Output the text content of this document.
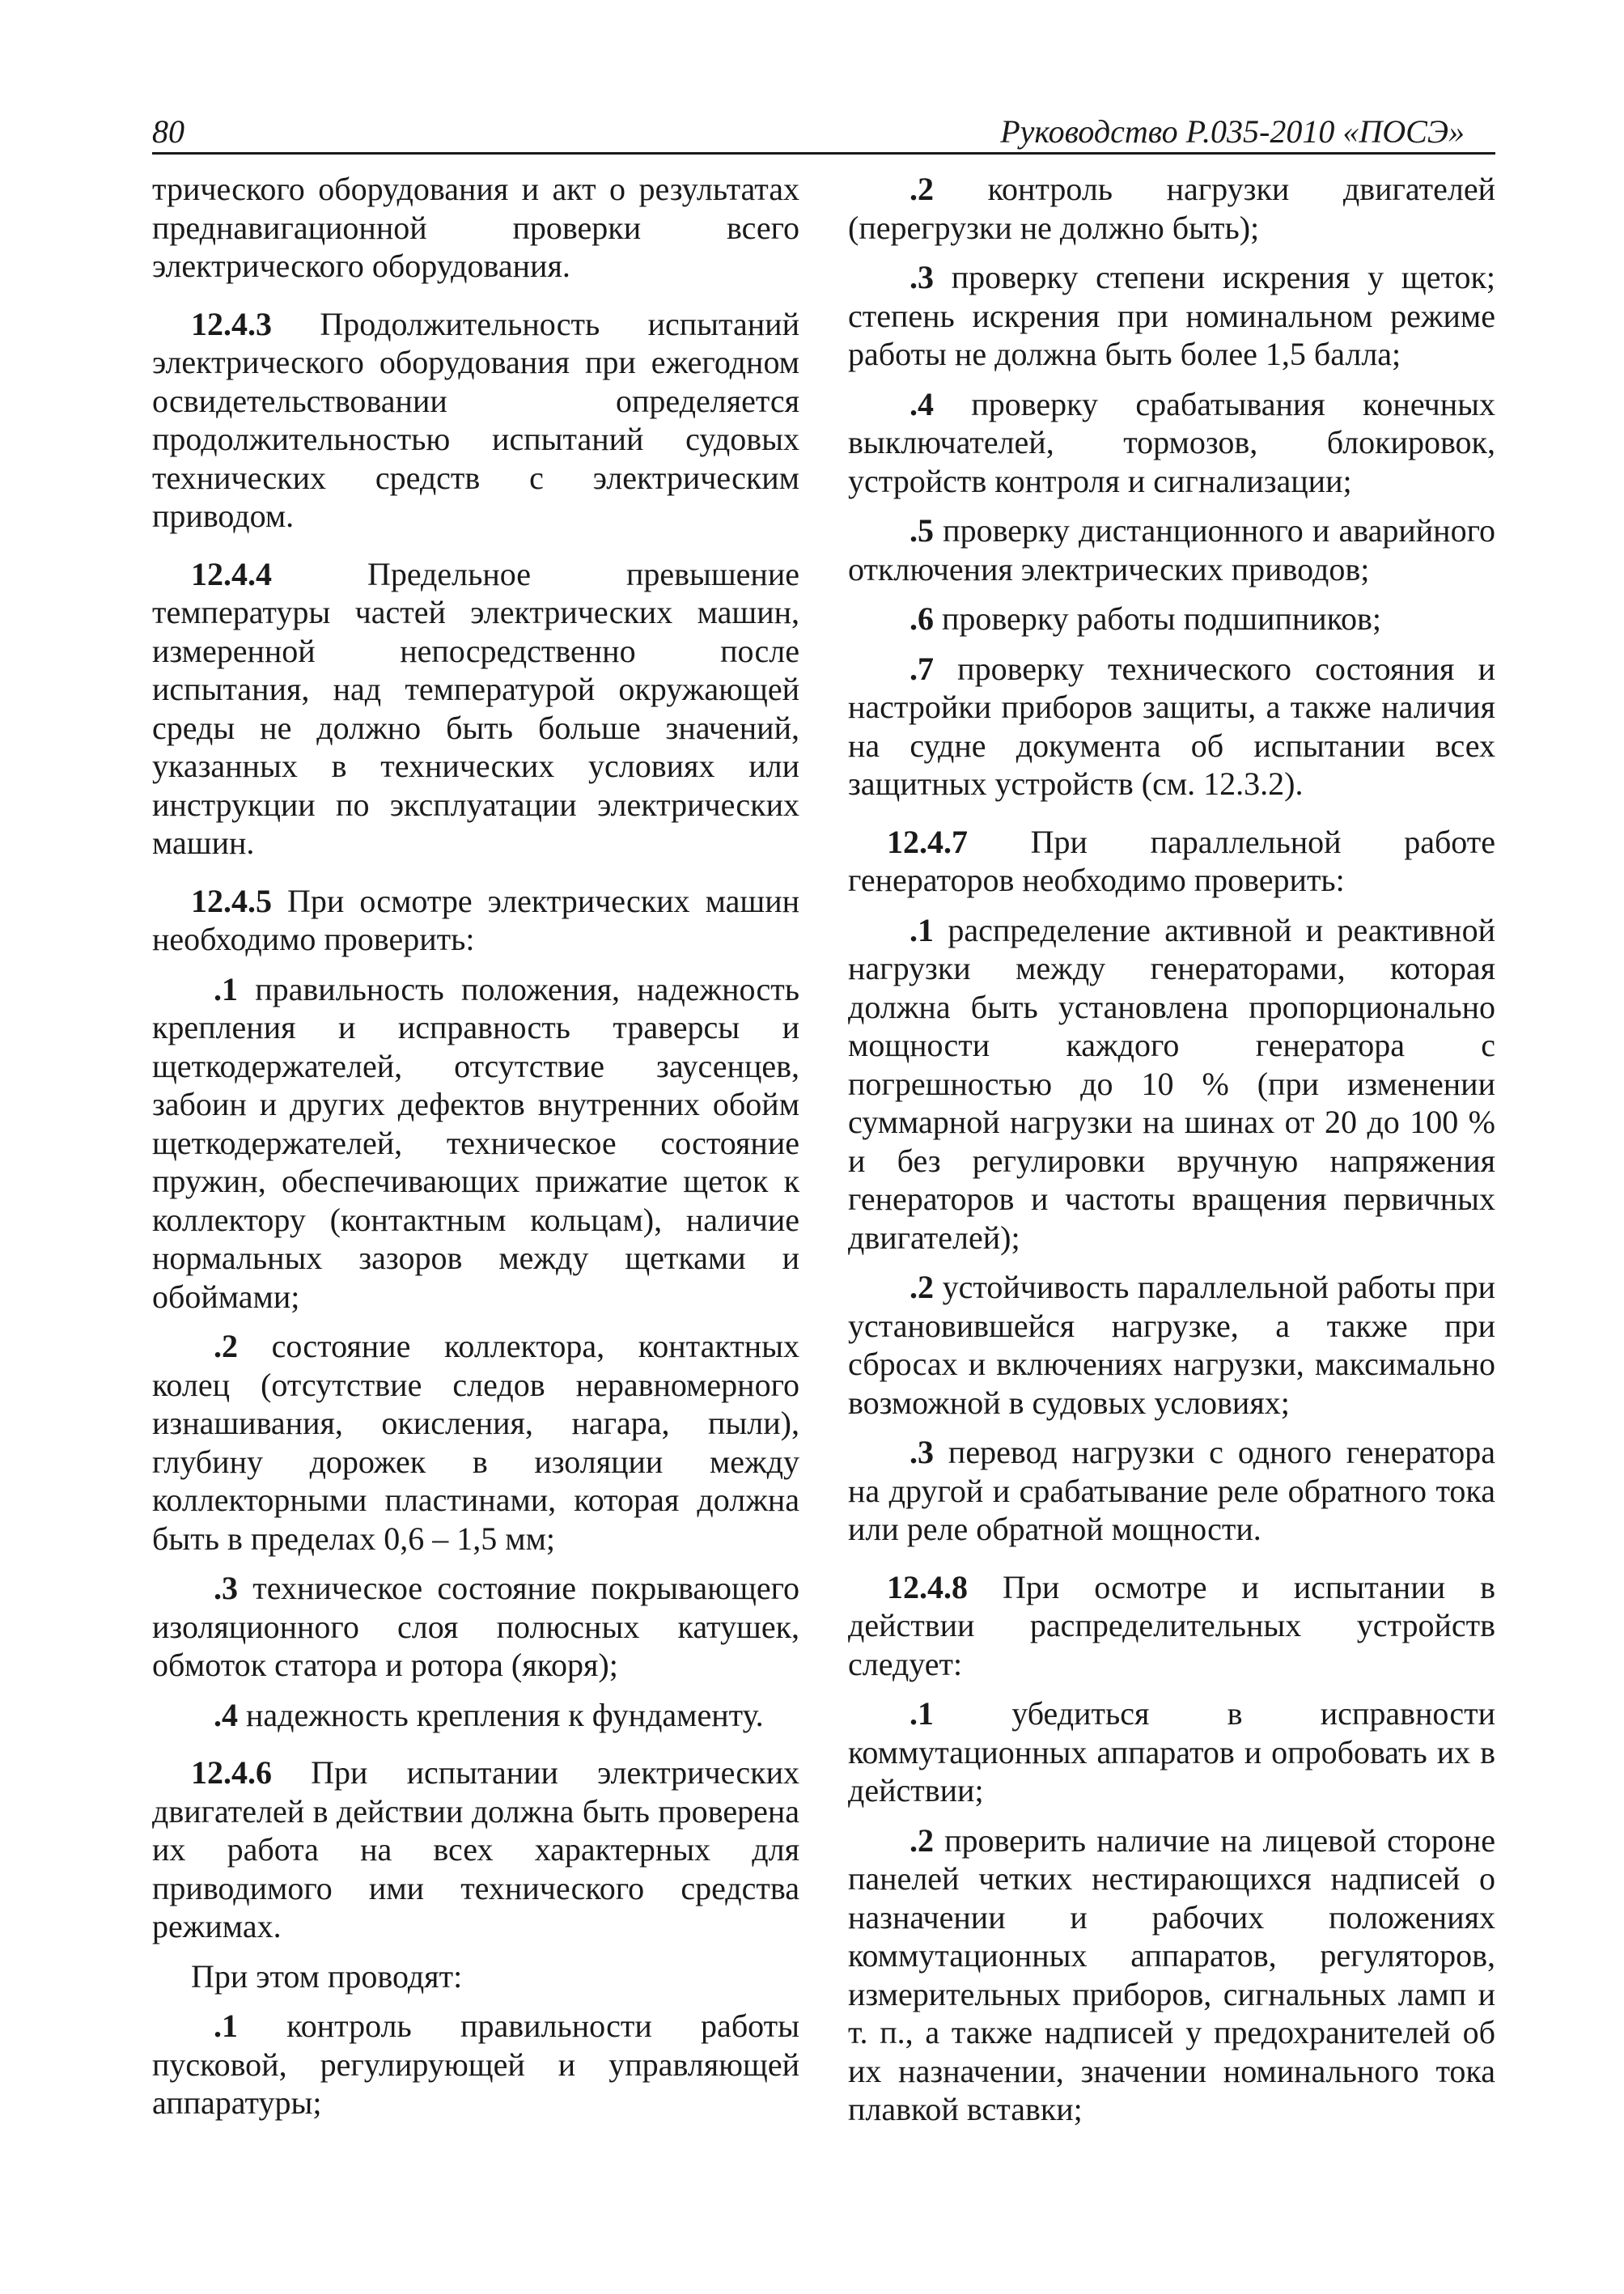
80	Руководство Р.035-2010 «ПОСЭ»

трического оборудования и акт о результатах преднавигационной проверки всего электрического оборудования.

12.4.3 Продолжительность испытаний электрического оборудования при ежегодном освидетельствовании определяется продолжительностью испытаний судовых технических средств с электрическим приводом.

12.4.4 Предельное превышение температуры частей электрических машин, измеренной непосредственно после испытания, над температурой окружающей среды не должно быть больше значений, указанных в технических условиях или инструкции по эксплуатации электрических машин.

12.4.5 При осмотре электрических машин необходимо проверить:

.1 правильность положения, надежность крепления и исправность траверсы и щеткодержателей, отсутствие заусенцев, забоин и других дефектов внутренних обойм щеткодержателей, техническое состояние пружин, обеспечивающих прижатие щеток к коллектору (контактным кольцам), наличие нормальных зазоров между щетками и обоймами;

.2 состояние коллектора, контактных колец (отсутствие следов неравномерного изнашивания, окисления, нагара, пыли), глубину дорожек в изоляции между коллекторными пластинами, которая должна быть в пределах 0,6 – 1,5 мм;

.3 техническое состояние покрывающего изоляционного слоя полюсных катушек, обмоток статора и ротора (якоря);

.4 надежность крепления к фундаменту.

12.4.6 При испытании электрических двигателей в действии должна быть проверена их работа на всех характерных для приводимого ими технического средства режимах.

При этом проводят:

.1 контроль правильности работы пусковой, регулирующей и управляющей аппаратуры;

.2 контроль нагрузки двигателей (перегрузки не должно быть);

.3 проверку степени искрения у щеток; степень искрения при номинальном режиме работы не должна быть более 1,5 балла;

.4 проверку срабатывания конечных выключателей, тормозов, блокировок, устройств контроля и сигнализации;

.5 проверку дистанционного и аварийного отключения электрических приводов;

.6 проверку работы подшипников;

.7 проверку технического состояния и настройки приборов защиты, а также наличия на судне документа об испытании всех защитных устройств (см. 12.3.2).

12.4.7 При параллельной работе генераторов необходимо проверить:

.1 распределение активной и реактивной нагрузки между генераторами, которая должна быть установлена пропорционально мощности каждого генератора с погрешностью до 10 % (при изменении суммарной нагрузки на шинах от 20 до 100 % и без регулировки вручную напряжения генераторов и частоты вращения первичных двигателей);

.2 устойчивость параллельной работы при установившейся нагрузке, а также при сбросах и включениях нагрузки, максимально возможной в судовых условиях;

.3 перевод нагрузки с одного генератора на другой и срабатывание реле обратного тока или реле обратной мощности.

12.4.8 При осмотре и испытании в действии распределительных устройств следует:

.1 убедиться в исправности коммутационных аппаратов и опробовать их в действии;

.2 проверить наличие на лицевой стороне панелей четких нестирающихся надписей о назначении и рабочих положениях коммутационных аппаратов, регуляторов, измерительных приборов, сигнальных ламп и т. п., а также надписей у предохранителей об их назначении, значении номинального тока плавкой вставки;
